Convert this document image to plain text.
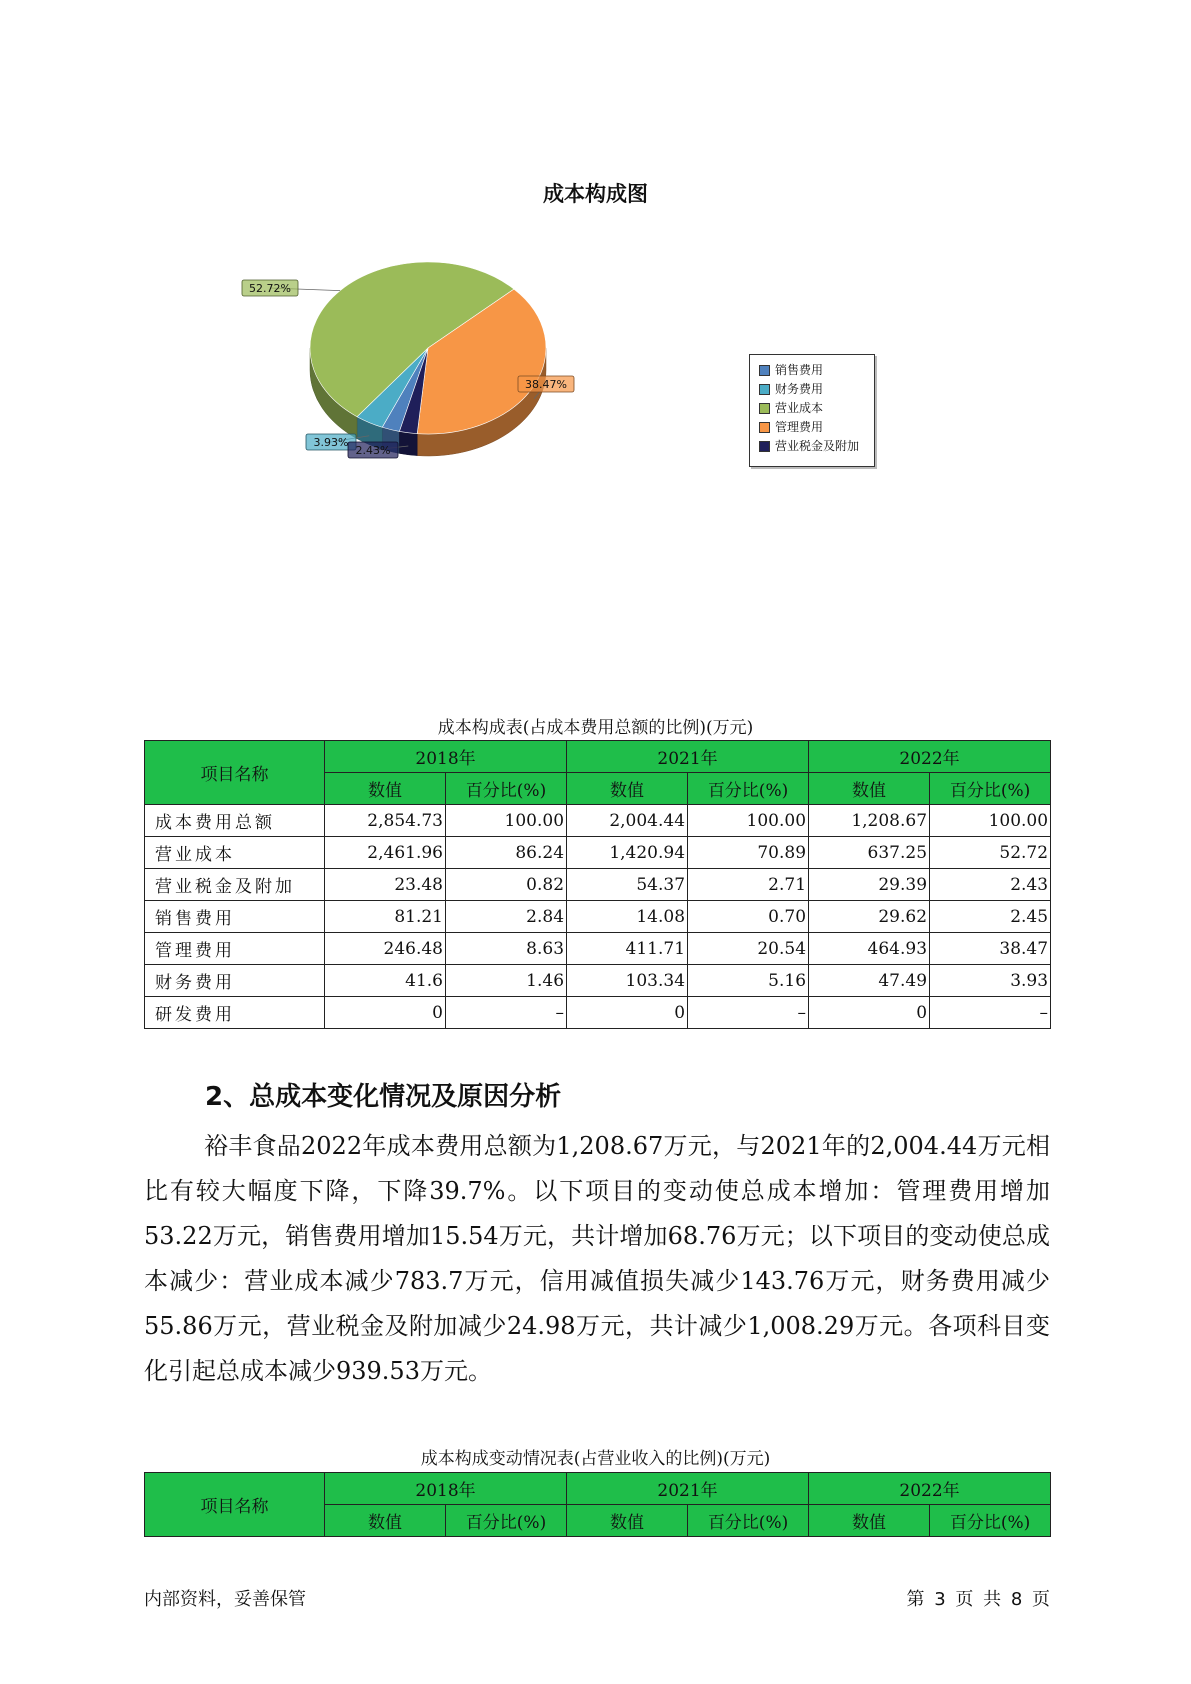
成本构成图
3.93%
52.72%
38.47%
2.43%
销售费用
财务费用
营业成本
管理费用
营业税金及附加
成本构成表(占成本费用总额的比例)(万元)
项目名称	2018年		2021年		2022年	
	数值	百分比(%)	数值	百分比(%)	数值	百分比(%)
成本费用总额	2,854.73	100.00	2,004.44	100.00	1,208.67	100.00
营业成本	2,461.96	86.24	1,420.94	70.89	637.25	52.72
营业税金及附加	23.48	0.82	54.37	2.71	29.39	2.43
销售费用	81.21	2.84	14.08	0.70	29.62	2.45
管理费用	246.48	8.63	411.71	20.54	464.93	38.47
财务费用	41.6	1.46	103.34	5.16	47.49	3.93
研发费用	0	–	0	–	0	–
2、总成本变化情况及原因分析
裕丰食品2022年成本费用总额为1,208.67万元，与2021年的2,004.44万元相比有较大幅度下降，下降39.7%。以下项目的变动使总成本增加：管理费用增加53.22万元，销售费用增加15.54万元，共计增加68.76万元；以下项目的变动使总成本减少：营业成本减少783.7万元，信用减值损失减少143.76万元，财务费用减少55.86万元，营业税金及附加减少24.98万元，共计减少1,008.29万元。各项科目变化引起总成本减少939.53万元。
成本构成变动情况表(占营业收入的比例)(万元)
项目名称	2018年		2021年		2022年	
	数值	百分比(%)	数值	百分比(%)	数值	百分比(%)
内部资料，妥善保管	第 3 页 共 8 页
